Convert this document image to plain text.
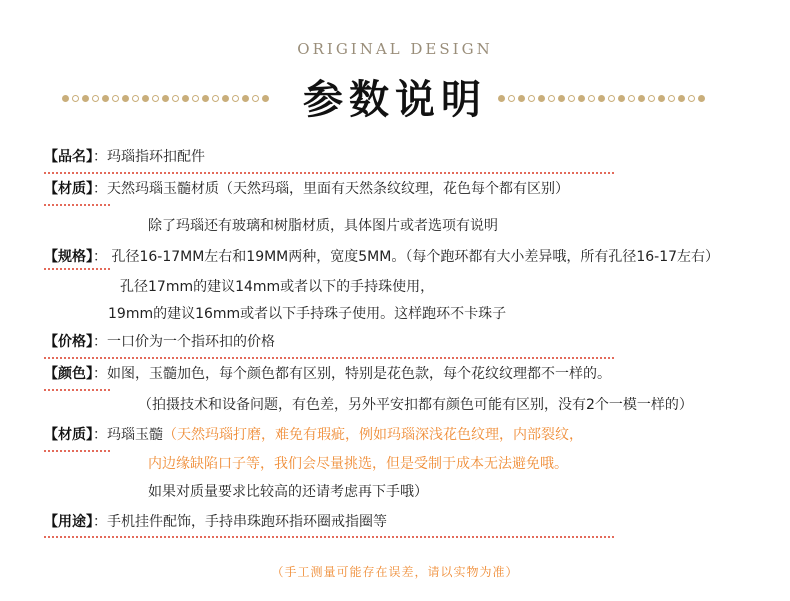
ORIGINAL DESIGN
参数说明
【品名】：玛瑙指环扣配件
【材质】：天然玛瑙玉髓材质（天然玛瑙，里面有天然条纹纹理，花色每个都有区别）
除了玛瑙还有玻璃和树脂材质，具体图片或者选项有说明
【规格】： 孔径16-17MM左右和19MM两种，宽度5MM。（每个跑环都有大小差异哦，所有孔径16-17左右）
孔径17mm的建议14mm或者以下的手持珠使用，
19mm的建议16mm或者以下手持珠子使用。这样跑环不卡珠子
【价格】：一口价为一个指环扣的价格
【颜色】：如图，玉髓加色，每个颜色都有区别，特别是花色款，每个花纹纹理都不一样的。
（拍摄技术和设备问题，有色差，另外平安扣都有颜色可能有区别，没有2个一模一样的）
【材质】：玛瑙玉髓（天然玛瑙打磨，难免有瑕疵，例如玛瑙深浅花色纹理，内部裂纹，
内边缘缺陷口子等，我们会尽量挑选，但是受制于成本无法避免哦。
如果对质量要求比较高的还请考虑再下手哦）
【用途】：手机挂件配饰，手持串珠跑环指环圈戒指圈等
（手工测量可能存在误差，请以实物为准）
